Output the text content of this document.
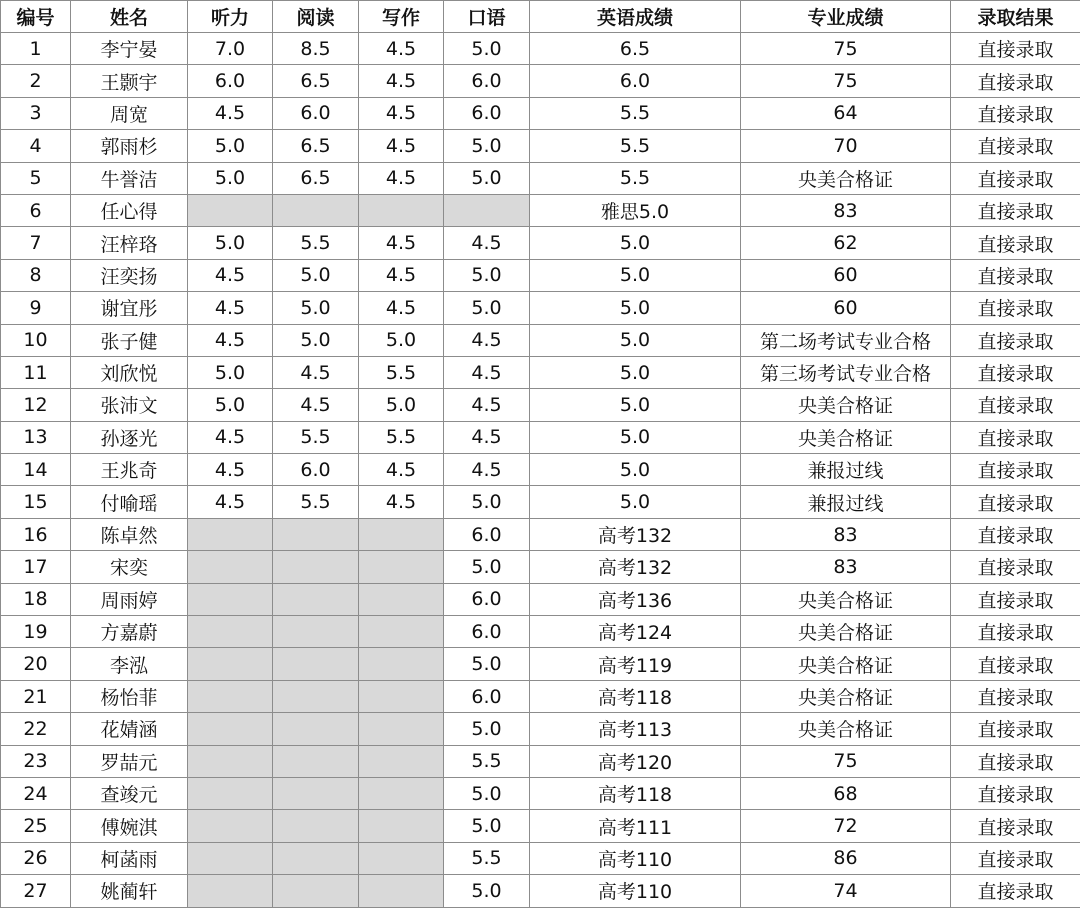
编号	姓名	听力	阅读	写作	口语	英语成绩	专业成绩	录取结果
1	李宁晏	7.0	8.5	4.5	5.0	6.5	75	直接录取
2	王颢宇	6.0	6.5	4.5	6.0	6.0	75	直接录取
3	周宽	4.5	6.0	4.5	6.0	5.5	64	直接录取
4	郭雨杉	5.0	6.5	4.5	5.0	5.5	70	直接录取
5	牛誉洁	5.0	6.5	4.5	5.0	5.5	央美合格证	直接录取
6	任心得					雅思5.0	83	直接录取
7	汪梓珞	5.0	5.5	4.5	4.5	5.0	62	直接录取
8	汪奕扬	4.5	5.0	4.5	5.0	5.0	60	直接录取
9	谢宜彤	4.5	5.0	4.5	5.0	5.0	60	直接录取
10	张子健	4.5	5.0	5.0	4.5	5.0	第二场考试专业合格	直接录取
11	刘欣悦	5.0	4.5	5.5	4.5	5.0	第三场考试专业合格	直接录取
12	张沛文	5.0	4.5	5.0	4.5	5.0	央美合格证	直接录取
13	孙逐光	4.5	5.5	5.5	4.5	5.0	央美合格证	直接录取
14	王兆奇	4.5	6.0	4.5	4.5	5.0	兼报过线	直接录取
15	付喻瑶	4.5	5.5	4.5	5.0	5.0	兼报过线	直接录取
16	陈卓然				6.0	高考132	83	直接录取
17	宋奕				5.0	高考132	83	直接录取
18	周雨婷				6.0	高考136	央美合格证	直接录取
19	方嘉蔚				6.0	高考124	央美合格证	直接录取
20	李泓				5.0	高考119	央美合格证	直接录取
21	杨怡菲				6.0	高考118	央美合格证	直接录取
22	花婧涵				5.0	高考113	央美合格证	直接录取
23	罗喆元				5.5	高考120	75	直接录取
24	查竣元				5.0	高考118	68	直接录取
25	傅婉淇				5.0	高考111	72	直接录取
26	柯菡雨				5.5	高考110	86	直接录取
27	姚蔺轩				5.0	高考110	74	直接录取
